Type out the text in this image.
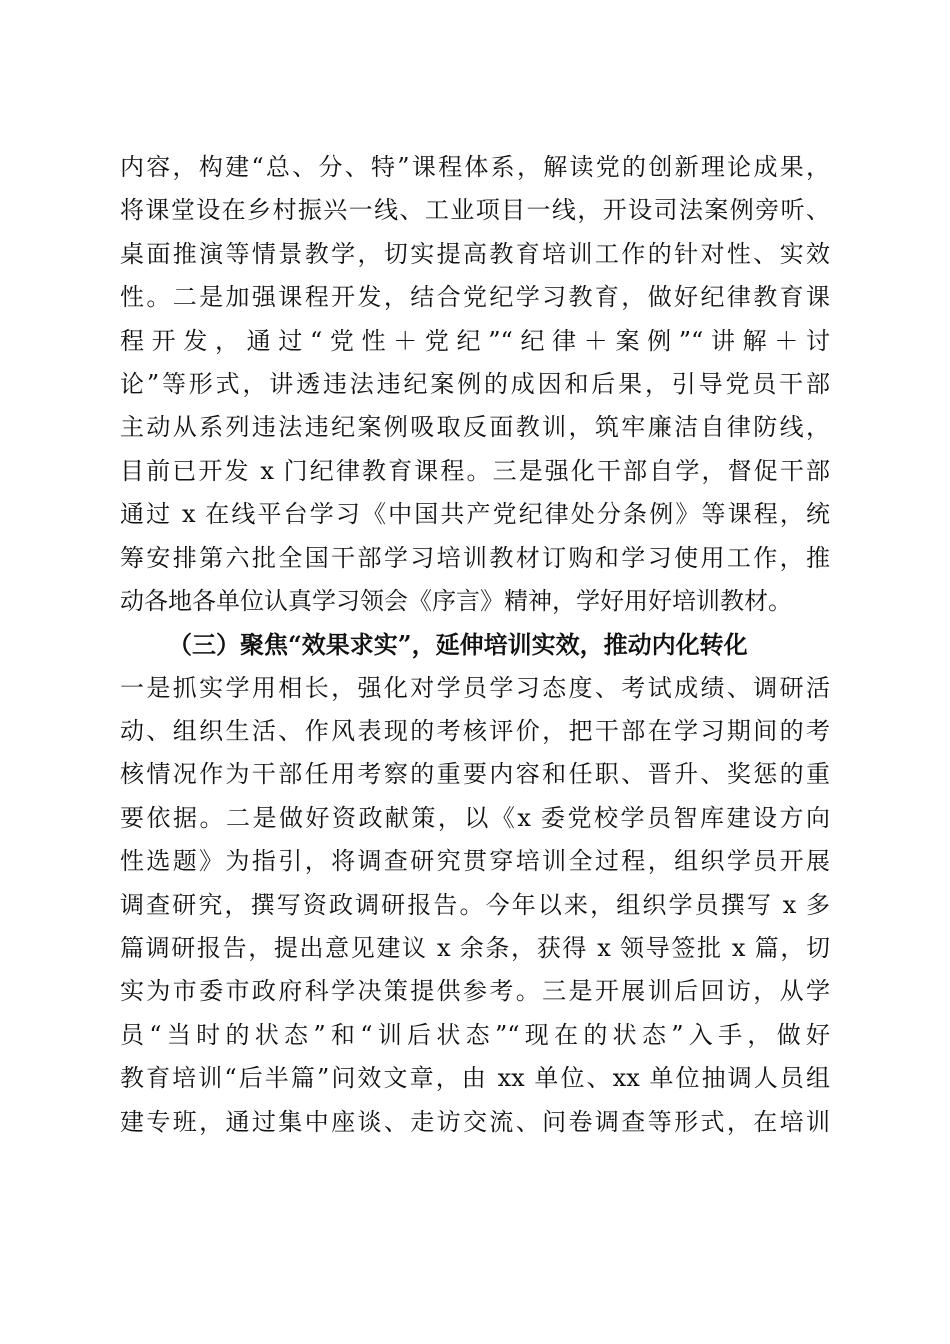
内容，构建“总、分、特”课程体系，解读党的创新理论成果，
将课堂设在乡村振兴一线、工业项目一线，开设司法案例旁听、
桌面推演等情景教学，切实提高教育培训工作的针对性、实效
性。二是加强课程开发，结合党纪学习教育，做好纪律教育课
程开发，通过“党性＋党纪”“纪律＋案例”“讲解＋讨
论”等形式，讲透违法违纪案例的成因和后果，引导党员干部
主动从系列违法违纪案例吸取反面教训，筑牢廉洁自律防线，
目前已开发 x 门纪律教育课程。三是强化干部自学，督促干部
通过 x 在线平台学习《中国共产党纪律处分条例》等课程，统
筹安排第六批全国干部学习培训教材订购和学习使用工作，推
动各地各单位认真学习领会《序言》精神，学好用好培训教材。
（三）聚焦“效果求实”，延伸培训实效，推动内化转化
一是抓实学用相长，强化对学员学习态度、考试成绩、调研活
动、组织生活、作风表现的考核评价，把干部在学习期间的考
核情况作为干部任用考察的重要内容和任职、晋升、奖惩的重
要依据。二是做好资政献策，以《x 委党校学员智库建设方向
性选题》为指引，将调查研究贯穿培训全过程，组织学员开展
调查研究，撰写资政调研报告。今年以来，组织学员撰写 x 多
篇调研报告，提出意见建议 x 余条，获得 x 领导签批 x 篇，切
实为市委市政府科学决策提供参考。三是开展训后回访，从学
员“当时的状态”和“训后状态”“现在的状态”入手，做好
教育培训“后半篇”问效文章，由 xx 单位、xx 单位抽调人员组
建专班，通过集中座谈、走访交流、问卷调查等形式，在培训
